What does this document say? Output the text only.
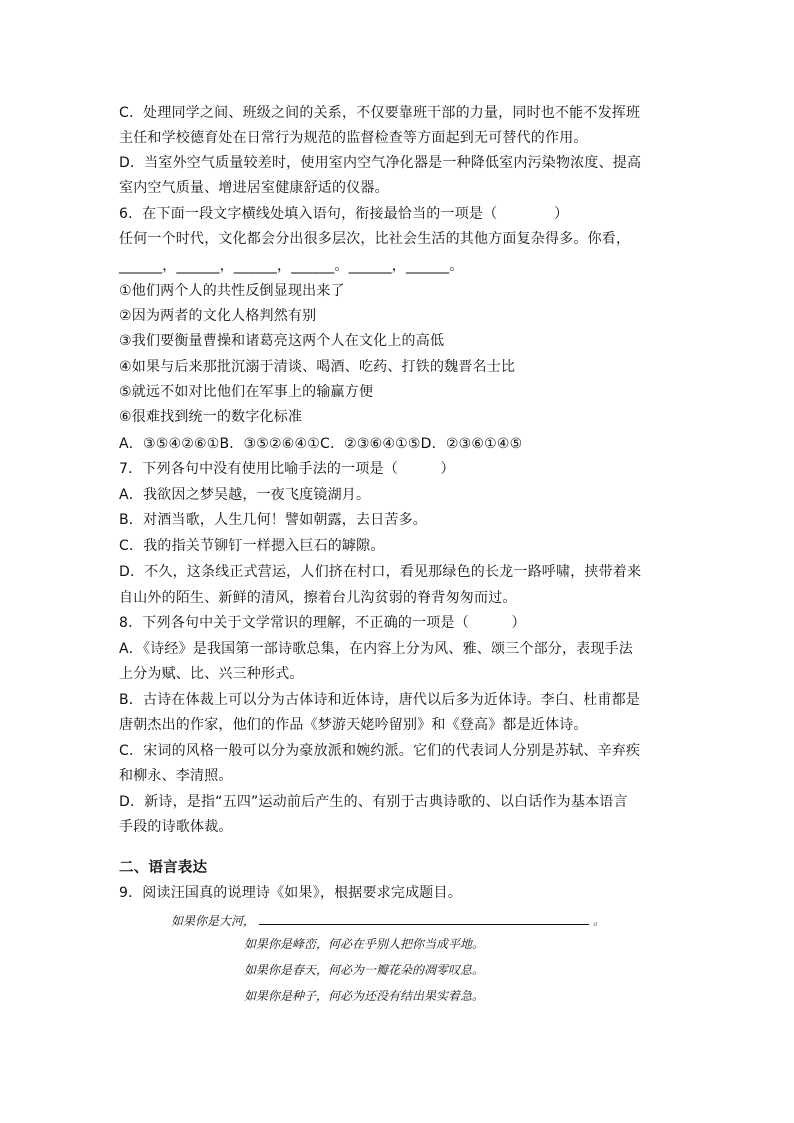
C．处理同学之间、班级之间的关系，不仅要靠班干部的力量，同时也不能不发挥班
主任和学校德育处在日常行为规范的监督检查等方面起到无可替代的作用。
D．当室外空气质量较差时，使用室内空气净化器是一种降低室内污染物浓度、提高
室内空气质量、增进居室健康舒适的仪器。
6．在下面一段文字横线处填入语句，衔接最恰当的一项是（　　　　）
任何一个时代，文化都会分出很多层次，比社会生活的其他方面复杂得多。你看，
______，______，______，______。______，______。
①他们两个人的共性反倒显现出来了
②因为两者的文化人格判然有别
③我们要衡量曹操和诸葛亮这两个人在文化上的高低
④如果与后来那批沉溺于清谈、喝酒、吃药、打铁的魏晋名士比
⑤就远不如对比他们在军事上的输赢方便
⑥很难找到统一的数字化标准
A．③⑤④②⑥①B．③⑤②⑥④①C．②③⑥④①⑤D．②③⑥①④⑤
7．下列各句中没有使用比喻手法的一项是（　　　）
A．我欲因之梦吴越，一夜飞度镜湖月。
B．对酒当歌，人生几何！譬如朝露，去日苦多。
C．我的指关节铆钉一样摁入巨石的罅隙。
D．不久，这条线正式营运，人们挤在村口，看见那绿色的长龙一路呼啸，挟带着来
自山外的陌生、新鲜的清风，擦着台儿沟贫弱的脊背匆匆而过。
8．下列各句中关于文学常识的理解，不正确的一项是（　　　）
A．《诗经》是我国第一部诗歌总集，在内容上分为风、雅、颂三个部分，表现手法
上分为赋、比、兴三种形式。
B．古诗在体裁上可以分为古体诗和近体诗，唐代以后多为近体诗。李白、杜甫都是
唐朝杰出的作家，他们的作品《梦游天姥吟留别》和《登高》都是近体诗。
C．宋词的风格一般可以分为豪放派和婉约派。它们的代表词人分别是苏轼、辛弃疾
和柳永、李清照。
D．新诗，是指“五四”运动前后产生的、有别于古典诗歌的、以白话作为基本语言
手段的诗歌体裁。
二、语言表达
9．阅读汪国真的说理诗《如果》，根据要求完成题目。
如果你是大河，	。
如果你是峰峦，何必在乎别人把你当成平地。
如果你是春天，何必为一瓣花朵的凋零叹息。
如果你是种子，何必为还没有结出果实着急。
